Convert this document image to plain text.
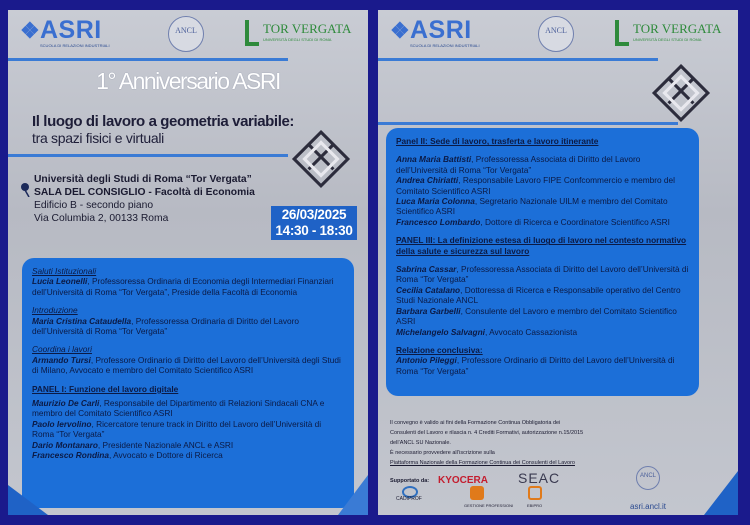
❖ ASRI
SCUOLA DI RELAZIONI INDUSTRIALI
ANCL	TOR VERGATA
UNIVERSITÀ DEGLI STUDI DI ROMA
1° Anniversario ASRI
Il luogo di lavoro a geometria variabile:
tra spazi fisici e virtuali
Università degli Studi di Roma “Tor Vergata”
SALA DEL CONSIGLIO - Facoltà di Economia
Edificio B - secondo piano
Via Columbia 2, 00133 Roma	26/03/2025
14:30 - 18:30

Saluti Istituzionali

Lucia Leonelli, Professoressa Ordinaria di Economia degli Intermediari Finanziari dell’Università di Roma “Tor Vergata”, Preside della Facoltà di Economia

Introduzione

Maria Cristina Cataudella, Professoressa Ordinaria di Diritto del Lavoro dell’Università di Roma “Tor Vergata”

Coordina i lavori

Armando Tursi, Professore Ordinario di Diritto del Lavoro dell’Università degli Studi di Milano, Avvocato e membro del Comitato Scientifico ASRI

PANEL I: Funzione del lavoro digitale

Maurizio De Carli, Responsabile del Dipartimento di Relazioni Sindacali CNA e membro del Comitato Scientifico ASRI

Paolo Iervolino, Ricercatore tenure track in Diritto del Lavoro dell’Università di Roma “Tor Vergata”

Dario Montanaro, Presidente Nazionale ANCL e ASRI

Francesco Rondina, Avvocato e Dottore di Ricerca

❖ ASRI
SCUOLA DI RELAZIONI INDUSTRIALI
ANCL	TOR VERGATA
UNIVERSITÀ DEGLI STUDI DI ROMA

Panel II: Sede di lavoro, trasferta e lavoro itinerante

Anna Maria Battisti, Professoressa Associata di Diritto del Lavoro dell’Università di Roma “Tor Vergata”

Andrea Chiriatti, Responsabile Lavoro FIPE Confcommercio e membro del Comitato Scientifico ASRI

Luca Maria Colonna, Segretario Nazionale UILM e membro del Comitato Scientifico ASRI

Francesco Lombardo, Dottore di Ricerca e Coordinatore Scientifico ASRI

PANEL III: La definizione estesa di luogo di lavoro nel contesto normativo della salute e sicurezza sul lavoro

Sabrina Cassar, Professoressa Associata di Diritto del Lavoro dell’Università di Roma “Tor Vergata”

Cecilia Catalano, Dottoressa di Ricerca e Responsabile operativo del Centro Studi Nazionale ANCL

Barbara Garbelli, Consulente del Lavoro e membro del Comitato Scientifico ASRI

Michelangelo Salvagni, Avvocato Cassazionista

Relazione conclusiva:

Antonio Pileggi, Professore Ordinario di Diritto del Lavoro dell’Università di Roma “Tor Vergata”

Il convegno è valido ai fini della Formazione Continua Obbligatoria dei
Consulenti del Lavoro e rilascia n. 4 Crediti Formativi, autorizzazione n.15/2015
dell’ANCL SU Nazionale.
È necessario provvedere all’iscrizione sulla
Piattaforma Nazionale della Formazione Continua dei Consulenti del Lavoro
Supportato da: KYOCERA SEAC
CADIPROF
GESTIONE PROFESSIONI	EBIPRO
ANCL
asri.ancl.it
